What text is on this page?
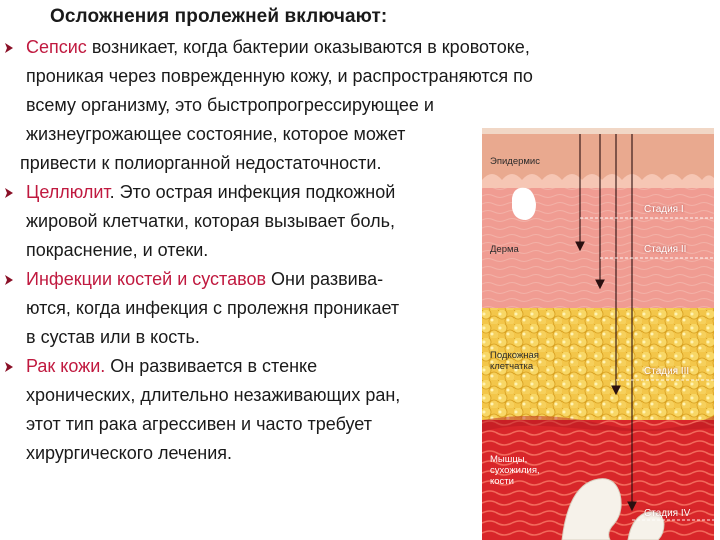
Осложнения пролежней включают:
Сепсис возникает, когда бактерии оказываются в кровотоке,
проникая через поврежденную кожу, и распространяются по
всему организму, это быстропрогрессирующее и
жизнеугрожающее состояние, которое может
привести к полиорганной недостаточности.
Целлюлит. Это острая инфекция подкожной
жировой клетчатки, которая вызывает боль,
покраснение, и отеки.
Инфекции костей и суставов Они развива-
ются, когда инфекция с пролежня проникает
в сустав или в кость.
Рак кожи. Он развивается в стенке
хронических, длительно незаживающих ран,
этот тип рака агрессивен и часто требует
хирургического лечения.
Эпидермис
Дерма
Подкожная
клетчатка
Мышцы,
сухожилия,
кости
Стадия I
Стадия II
Стадия III
Стадия IV
